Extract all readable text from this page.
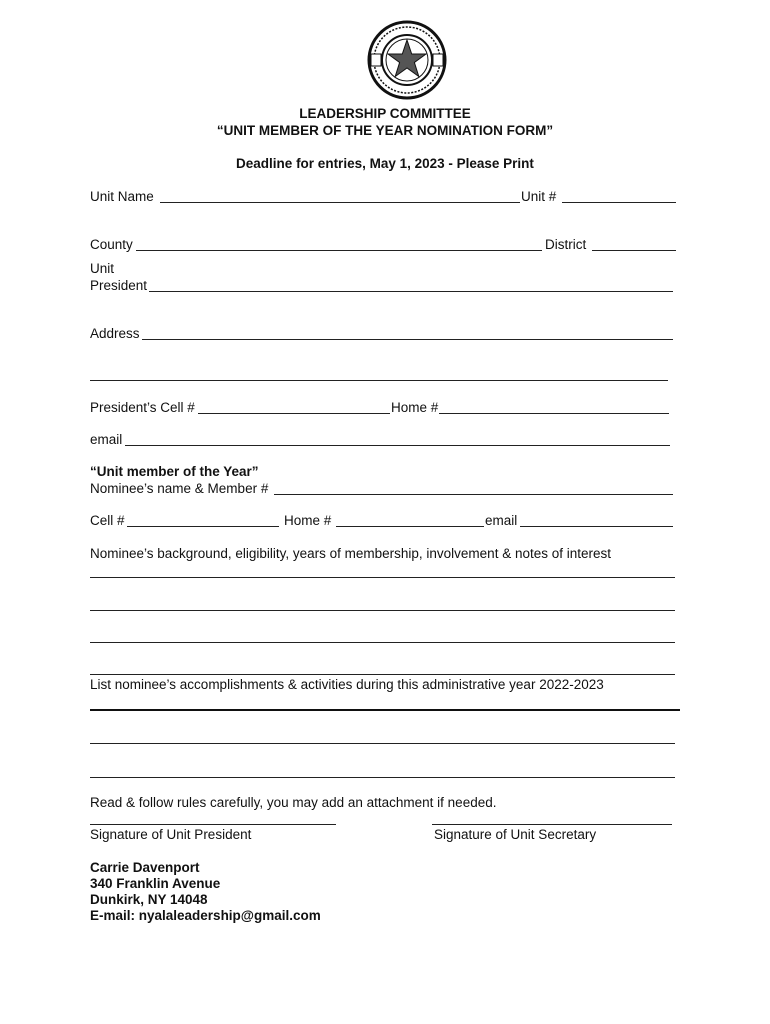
LEADERSHIP COMMITTEE
“UNIT MEMBER OF THE YEAR NOMINATION FORM”
Deadline for entries, May 1, 2023 - Please Print
Unit Name	Unit #
County	District
Unit
President
Address
President’s Cell #	Home #
email
“Unit member of the Year”
Nominee’s name & Member #
Cell #	Home #	email
Nominee’s background, eligibility, years of membership, involvement & notes of interest
List nominee’s accomplishments & activities during this administrative year 2022-2023
Read & follow rules carefully, you may add an attachment if needed.
Signature of Unit President	Signature of Unit Secretary
Carrie Davenport
340 Franklin Avenue
Dunkirk, NY 14048
E-mail: nyalaleadership@gmail.com
